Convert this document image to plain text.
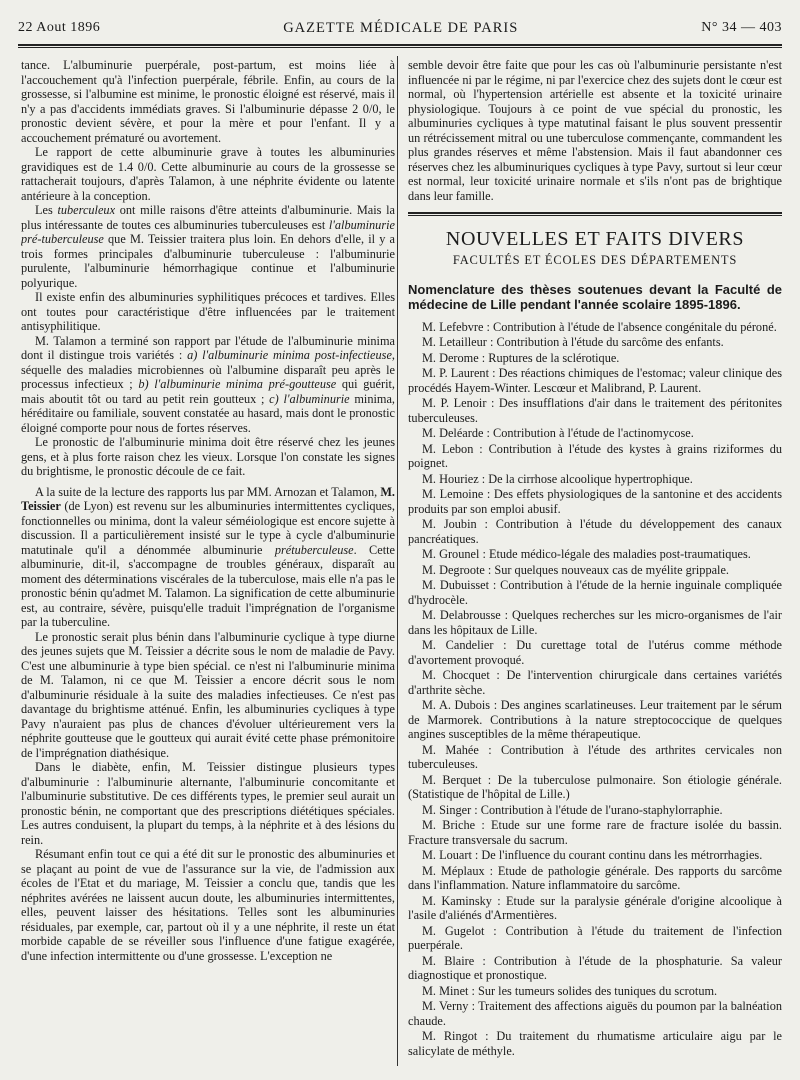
22 Aout 1896	GAZETTE MÉDICALE DE PARIS	N° 34 — 403

tance. L'albuminurie puerpérale, post-partum, est moins liée à l'accouchement qu'à l'infection puerpérale, fébrile. Enfin, au cours de la grossesse, si l'albumine est minime, le pronostic éloigné est réservé, mais il n'y a pas d'accidents immédiats graves. Si l'albuminurie dépasse 2 0/0, le pronostic devient sévère, et pour la mère et pour l'enfant. Il y a accouchement prématuré ou avortement.

Le rapport de cette albuminurie grave à toutes les albuminuries gravidiques est de 1.4 0/0. Cette albuminurie au cours de la grossesse se rattacherait toujours, d'après Talamon, à une néphrite évidente ou latente antérieure à la conception.

Les tuberculeux ont mille raisons d'être atteints d'albuminurie. Mais la plus intéressante de toutes ces albuminuries tuberculeuses est l'albuminurie pré-tuberculeuse que M. Teissier traitera plus loin. En dehors d'elle, il y a trois formes principales d'albuminurie tuberculeuse : l'albuminurie purulente, l'albuminurie hémorrhagique continue et l'albuminurie polyurique.

Il existe enfin des albuminuries syphilitiques précoces et tardives. Elles ont toutes pour caractéristique d'être influencées par le traitement antisyphilitique.

M. Talamon a terminé son rapport par l'étude de l'albuminurie minima dont il distingue trois variétés : a) l'albuminurie minima post-infectieuse, séquelle des maladies microbiennes où l'albumine disparaît peu après le processus infectieux ; b) l'albuminurie minima pré-goutteuse qui guérit, mais aboutit tôt ou tard au petit rein goutteux ; c) l'albuminurie minima, héréditaire ou familiale, souvent constatée au hasard, mais dont le pronostic éloigné comporte pour nous de fortes réserves.

Le pronostic de l'albuminurie minima doit être réservé chez les jeunes gens, et à plus forte raison chez les vieux. Lorsque l'on constate les signes du brightisme, le pronostic découle de ce fait.

A la suite de la lecture des rapports lus par MM. Arnozan et Talamon, M. Teissier (de Lyon) est revenu sur les albuminuries intermittentes cycliques, fonctionnelles ou minima, dont la valeur séméiologique est encore sujette à discussion. Il a particulièrement insisté sur le type à cycle d'albuminurie matutinale qu'il a dénommée albuminurie prétuberculeuse. Cette albuminurie, dit-il, s'accompagne de troubles généraux, disparaît au moment des déterminations viscérales de la tuberculose, mais elle n'a pas le pronostic bénin qu'admet M. Talamon. La signification de cette albuminurie est, au contraire, sévère, puisqu'elle traduit l'imprégnation de l'organisme par la tuberculine.

Le pronostic serait plus bénin dans l'albuminurie cyclique à type diurne des jeunes sujets que M. Teissier a décrite sous le nom de maladie de Pavy. C'est une albuminurie à type bien spécial. ce n'est ni l'albuminurie minima de M. Talamon, ni ce que M. Teissier a encore décrit sous le nom d'albuminurie résiduale à la suite des maladies infectieuses. Ce n'est pas davantage du brightisme atténué. Enfin, les albuminuries cycliques à type Pavy n'auraient pas plus de chances d'évoluer ultérieurement vers la néphrite goutteuse que le goutteux qui aurait évité cette phase prémonitoire de l'imprégnation diathésique.

Dans le diabète, enfin, M. Teissier distingue plusieurs types d'albuminurie : l'albuminurie alternante, l'albuminurie concomitante et l'albuminurie substitutive. De ces différents types, le premier seul aurait un pronostic bénin, ne comportant que des prescriptions diététiques spéciales. Les autres conduisent, la plupart du temps, à la néphrite et à des lésions du rein.

Résumant enfin tout ce qui a été dit sur le pronostic des albuminuries et se plaçant au point de vue de l'assurance sur la vie, de l'admission aux écoles de l'Etat et du mariage, M. Teissier a conclu que, tandis que les néphrites avérées ne laissent aucun doute, les albuminuries intermittentes, elles, peuvent laisser des hésitations. Telles sont les albuminuries résiduales, par exemple, car, partout où il y a une néphrite, il reste un état morbide capable de se réveiller sous l'influence d'une fatigue exagérée, d'une infection intermittente ou d'une grossesse. L'exception ne

semble devoir être faite que pour les cas où l'albuminurie persistante n'est influencée ni par le régime, ni par l'exercice chez des sujets dont le cœur est normal, où l'hypertension artérielle est absente et la toxicité urinaire physiologique. Toujours à ce point de vue spécial du pronostic, les albuminuries cycliques à type matutinal faisant le plus souvent pressentir un rétrécissement mitral ou une tuberculose commençante, commandent les plus grandes réserves et même l'abstension. Mais il faut abandonner ces réserves chez les albuminuriques cycliques à type Pavy, surtout si leur cœur est normal, leur toxicité urinaire normale et s'ils n'ont pas de brightique dans leur famille.

NOUVELLES ET FAITS DIVERS
FACULTÉS ET ÉCOLES DES DÉPARTEMENTS
Nomenclature des thèses soutenues devant la Faculté de médecine de Lille pendant l'année scolaire 1895-1896.

M. Lefebvre : Contribution à l'étude de l'absence congénitale du péroné.

M. Letailleur : Contribution à l'étude du sarcôme des enfants.

M. Derome : Ruptures de la sclérotique.

M. P. Laurent : Des réactions chimiques de l'estomac; valeur clinique des procédés Hayem-Winter. Lescœur et Malibrand, P. Laurent.

M. P. Lenoir : Des insufflations d'air dans le traitement des péritonites tuberculeuses.

M. Deléarde : Contribution à l'étude de l'actinomycose.

M. Lebon : Contribution à l'étude des kystes à grains riziformes du poignet.

M. Houriez : De la cirrhose alcoolique hypertrophique.

M. Lemoine : Des effets physiologiques de la santonine et des accidents produits par son emploi abusif.

M. Joubin : Contribution à l'étude du développement des canaux pancréatiques.

M. Grounel : Etude médico-légale des maladies post-traumatiques.

M. Degroote : Sur quelques nouveaux cas de myélite grippale.

M. Dubuisset : Contribution à l'étude de la hernie inguinale compliquée d'hydrocèle.

M. Delabrousse : Quelques recherches sur les micro-organismes de l'air dans les hôpitaux de Lille.

M. Candelier : Du curettage total de l'utérus comme méthode d'avortement provoqué.

M. Chocquet : De l'intervention chirurgicale dans certaines variétés d'arthrite sèche.

M. A. Dubois : Des angines scarlatineuses. Leur traitement par le sérum de Marmorek. Contributions à la nature streptococcique de quelques angines susceptibles de la même thérapeutique.

M. Mahée : Contribution à l'étude des arthrites cervicales non tuberculeuses.

M. Berquet : De la tuberculose pulmonaire. Son étiologie générale. (Statistique de l'hôpital de Lille.)

M. Singer : Contribution à l'étude de l'urano-staphylorraphie.

M. Briche : Etude sur une forme rare de fracture isolée du bassin. Fracture transversale du sacrum.

M. Louart : De l'influence du courant continu dans les métrorrhagies.

M. Méplaux : Etude de pathologie générale. Des rapports du sarcôme dans l'inflammation. Nature inflammatoire du sarcôme.

M. Kaminsky : Etude sur la paralysie générale d'origine alcoolique à l'asile d'aliénés d'Armentières.

M. Gugelot : Contribution à l'étude du traitement de l'infection puerpérale.

M. Blaire : Contribution à l'étude de la phosphaturie. Sa valeur diagnostique et pronostique.

M. Minet : Sur les tumeurs solides des tuniques du scrotum.

M. Verny : Traitement des affections aiguës du poumon par la balnéation chaude.

M. Ringot : Du traitement du rhumatisme articulaire aigu par le salicylate de méthyle.
